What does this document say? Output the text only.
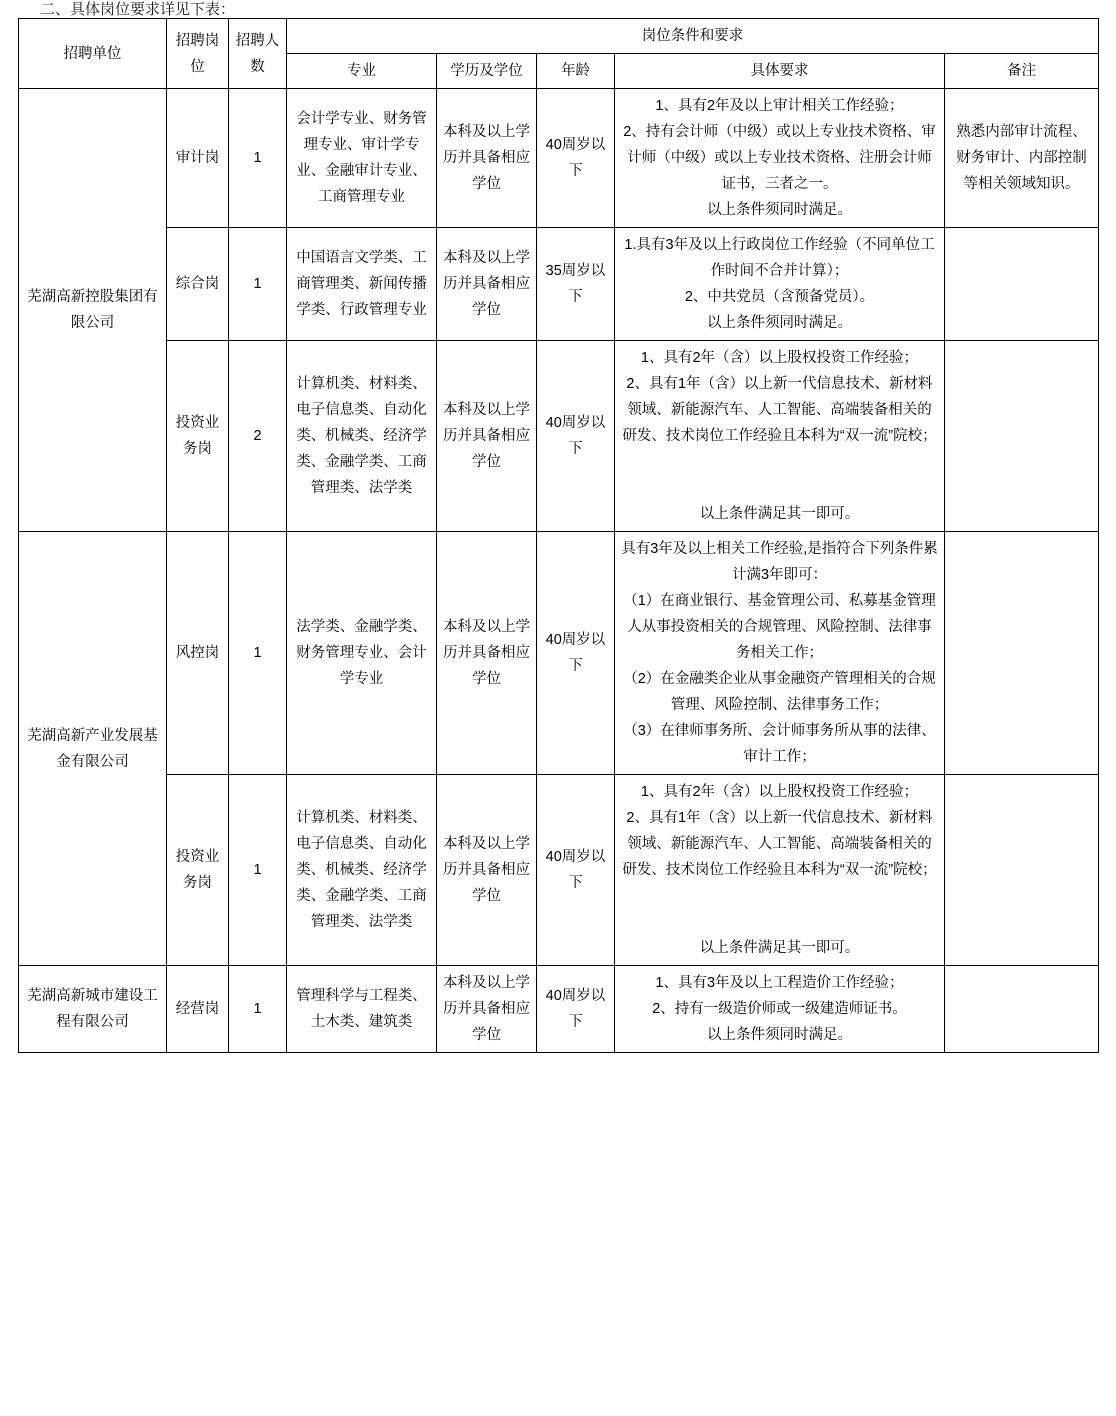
二、具体岗位要求详见下表：
招聘单位	招聘岗位	招聘人数	岗位条件和要求				
			专业	学历及学位	年龄	具体要求	备注
芜湖高新控股集团有限公司	审计岗	1	会计学专业、财务管理专业、审计学专业、金融审计专业、工商管理专业	本科及以上学历并具备相应学位	40周岁以下	1、具有2年及以上审计相关工作经验；
2、持有会计师（中级）或以上专业技术资格、审计师（中级）或以上专业技术资格、注册会计师证书，三者之一。
以上条件须同时满足。	熟悉内部审计流程、财务审计、内部控制等相关领域知识。
	综合岗	1	中国语言文学类、工商管理类、新闻传播学类、行政管理专业	本科及以上学历并具备相应学位	35周岁以下	1.具有3年及以上行政岗位工作经验（不同单位工作时间不合并计算）；
2、中共党员（含预备党员）。
以上条件须同时满足。	
	投资业务岗	2	计算机类、材料类、电子信息类、自动化类、机械类、经济学类、金融学类、工商管理类、法学类	本科及以上学历并具备相应学位	40周岁以下	1、具有2年（含）以上股权投资工作经验；
2、具有1年（含）以上新一代信息技术、新材料领域、新能源汽车、人工智能、高端装备相关的研发、技术岗位工作经验且本科为“双一流”院校；

以上条件满足其一即可。	
芜湖高新产业发展基金有限公司	风控岗	1	法学类、金融学类、财务管理专业、会计学专业	本科及以上学历并具备相应学位	40周岁以下	具有3年及以上相关工作经验,是指符合下列条件累计满3年即可：
（1）在商业银行、基金管理公司、私募基金管理人从事投资相关的合规管理、风险控制、法律事务相关工作；
（2）在金融类企业从事金融资产管理相关的合规管理、风险控制、法律事务工作；
（3）在律师事务所、会计师事务所从事的法律、审计工作；	
	投资业务岗	1	计算机类、材料类、电子信息类、自动化类、机械类、经济学类、金融学类、工商管理类、法学类	本科及以上学历并具备相应学位	40周岁以下	1、具有2年（含）以上股权投资工作经验；
2、具有1年（含）以上新一代信息技术、新材料领域、新能源汽车、人工智能、高端装备相关的研发、技术岗位工作经验且本科为“双一流”院校；

以上条件满足其一即可。	
芜湖高新城市建设工程有限公司	经营岗	1	管理科学与工程类、土木类、建筑类	本科及以上学历并具备相应学位	40周岁以下	1、具有3年及以上工程造价工作经验；
2、持有一级造价师或一级建造师证书。
以上条件须同时满足。	
